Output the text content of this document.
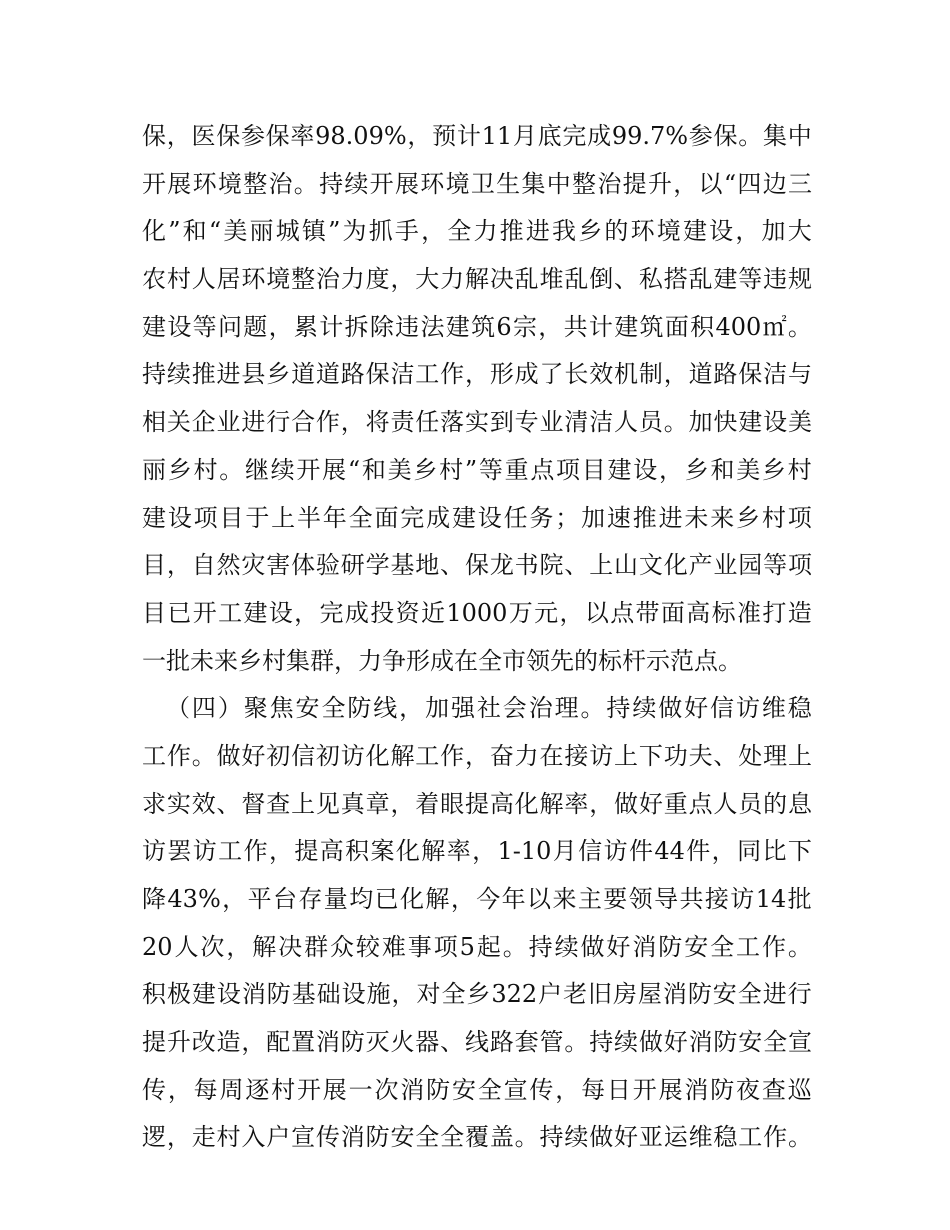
保 ， 医 保 参 保 率 98.09% ， 预 计 11 月 底 完 成 99.7% 参 保 。 集 中
开 展 环 境 整 治 。 持 续 开 展 环 境 卫 生 集 中 整 治 提 升 ， 以 “ 四 边 三
化 ” 和 “ 美 丽 城 镇 ” 为 抓 手 ， 全 力 推 进 我 乡 的 环 境 建 设 ， 加 大
农 村 人 居 环 境 整 治 力 度 ， 大 力 解 决 乱 堆 乱 倒 、 私 搭 乱 建 等 违 规
建 设 等 问 题 ， 累 计 拆 除 违 法 建 筑 6 宗 ， 共 计 建 筑 面 积 400 ㎡ 。
持 续 推 进 县 乡 道 道 路 保 洁 工 作 ， 形 成 了 长 效 机 制 ， 道 路 保 洁 与
相 关 企 业 进 行 合 作 ， 将 责 任 落 实 到 专 业 清 洁 人 员 。 加 快 建 设 美
丽 乡 村 。 继 续 开 展 “ 和 美 乡 村 ” 等 重 点 项 目 建 设 ， 乡 和 美 乡 村
建 设 项 目 于 上 半 年 全 面 完 成 建 设 任 务 ； 加 速 推 进 未 来 乡 村 项
目 ， 自 然 灾 害 体 验 研 学 基 地 、 保 龙 书 院 、 上 山 文 化 产 业 园 等 项
目 已 开 工 建 设 ， 完 成 投 资 近 1000 万 元 ， 以 点 带 面 高 标 准 打 造
一批未来乡村集群，力争形成在全市领先的标杆示范点。
（ 四 ） 聚 焦 安 全 防 线 ， 加 强 社 会 治 理 。 持 续 做 好 信 访 维 稳
工 作 。 做 好 初 信 初 访 化 解 工 作 ， 奋 力 在 接 访 上 下 功 夫 、 处 理 上
求 实 效 、 督 查 上 见 真 章 ， 着 眼 提 高 化 解 率 ， 做 好 重 点 人 员 的 息
访 罢 访 工 作 ， 提 高 积 案 化 解 率 ， 1-10 月 信 访 件 44 件 ， 同 比 下
降 43% ， 平 台 存 量 均 已 化 解 ， 今 年 以 来 主 要 领 导 共 接 访 14 批
20 人 次 ， 解 决 群 众 较 难 事 项 5 起 。 持 续 做 好 消 防 安 全 工 作 。
积 极 建 设 消 防 基 础 设 施 ， 对 全 乡 322 户 老 旧 房 屋 消 防 安 全 进 行
提 升 改 造 ， 配 置 消 防 灭 火 器 、 线 路 套 管 。 持 续 做 好 消 防 安 全 宣
传 ， 每 周 逐 村 开 展 一 次 消 防 安 全 宣 传 ， 每 日 开 展 消 防 夜 查 巡
逻 ， 走 村 入 户 宣 传 消 防 安 全 全 覆 盖 。 持 续 做 好 亚 运 维 稳 工 作 。
